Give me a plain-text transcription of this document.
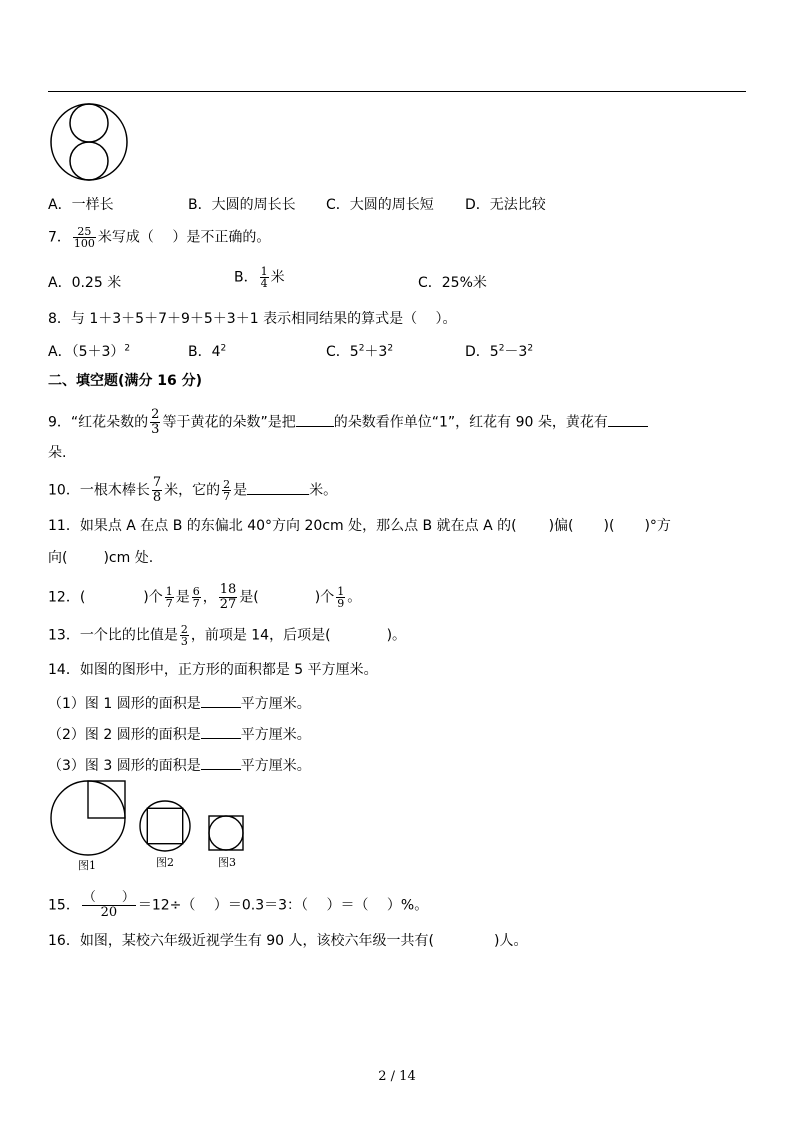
A．一样长	B．大圆的周长长 C．大圆的周长短 D．无法比较
7． $\frac{25}{100}$ 米写成（　 ）是不正确的。
A．0.25 米	B． $\frac{1}{4}$ 米	C．25%米
8．与 1＋3＋5＋7＋9＋5＋3＋1 表示相同结果的算式是（　 ）。
A．$(5+3)^2$	B．$4^2$	C．$5^2+3^2$	D．$5^2-3^2$
二、填空题(满分 16 分)
9．“红花朵数的 $\frac{2}{3}$ 等于黄花的朵数”是把	的朵数看作单位“1”，红花有 90 朵，黄花有
朵.
10．一根木棒长 $\frac{7}{8}$ 米，它的 $\frac{2}{7}$ 是	米。
11．如果点 A 在点 B 的东偏北 40°方向 20cm 处，那么点 B 就在点 A 的( )偏( )( )°方
向(	)cm 处.
12．(	)个 $\frac{1}{7}$ 是 $\frac{6}{7}$ ， $\frac{18}{27}$ 是(	)个 $\frac{1}{9}$ 。
13．一个比的比值是 $\frac{2}{3}$ ，前项是 14，后项是(	)。
14．如图的图形中，正方形的面积都是 5 平方厘米。
（1）图 1 圆形的面积是	平方厘米。
（2）图 2 圆形的面积是	平方厘米。
（3）图 3 圆形的面积是	平方厘米。
图1	图2	图3
15． $\frac{( )}{20} =12\div$（　 ）＝0.3＝3：（　 ）＝（　 ）%。
16．如图，某校六年级近视学生有 90 人，该校六年级一共有(	)人。
2 / 14
